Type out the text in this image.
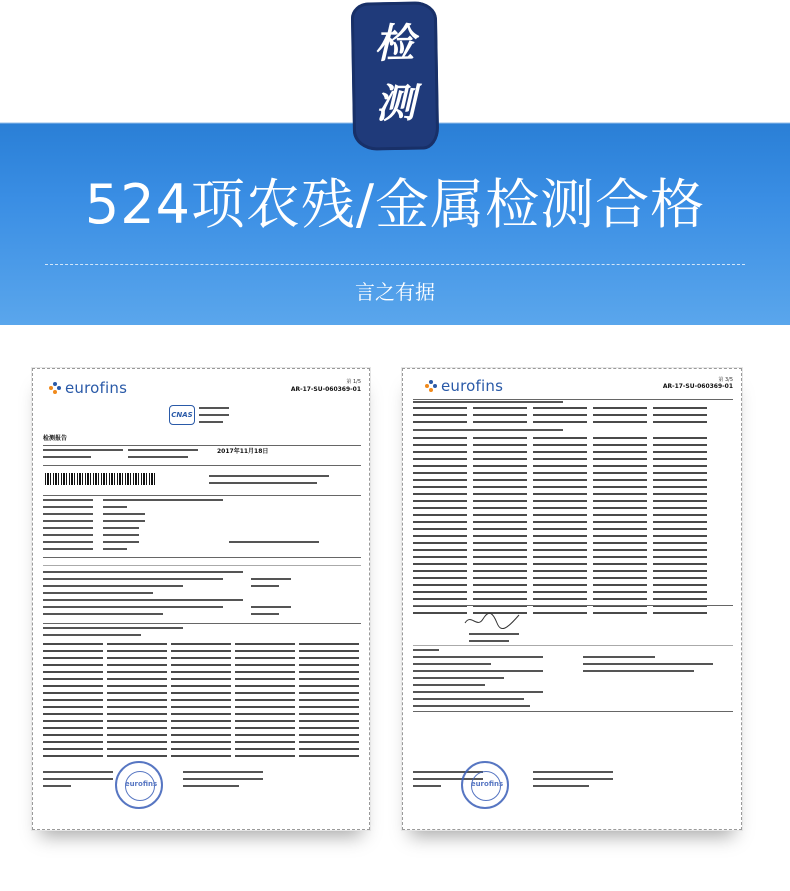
检
测
524项农残/金属检测合格
言之有据
eurofins	第 1/5
AR-17-SU-060369-01
CNAS
检测报告
2017年11月18日
eurofins
eurofins	第 3/5
AR-17-SU-060369-01
eurofins
